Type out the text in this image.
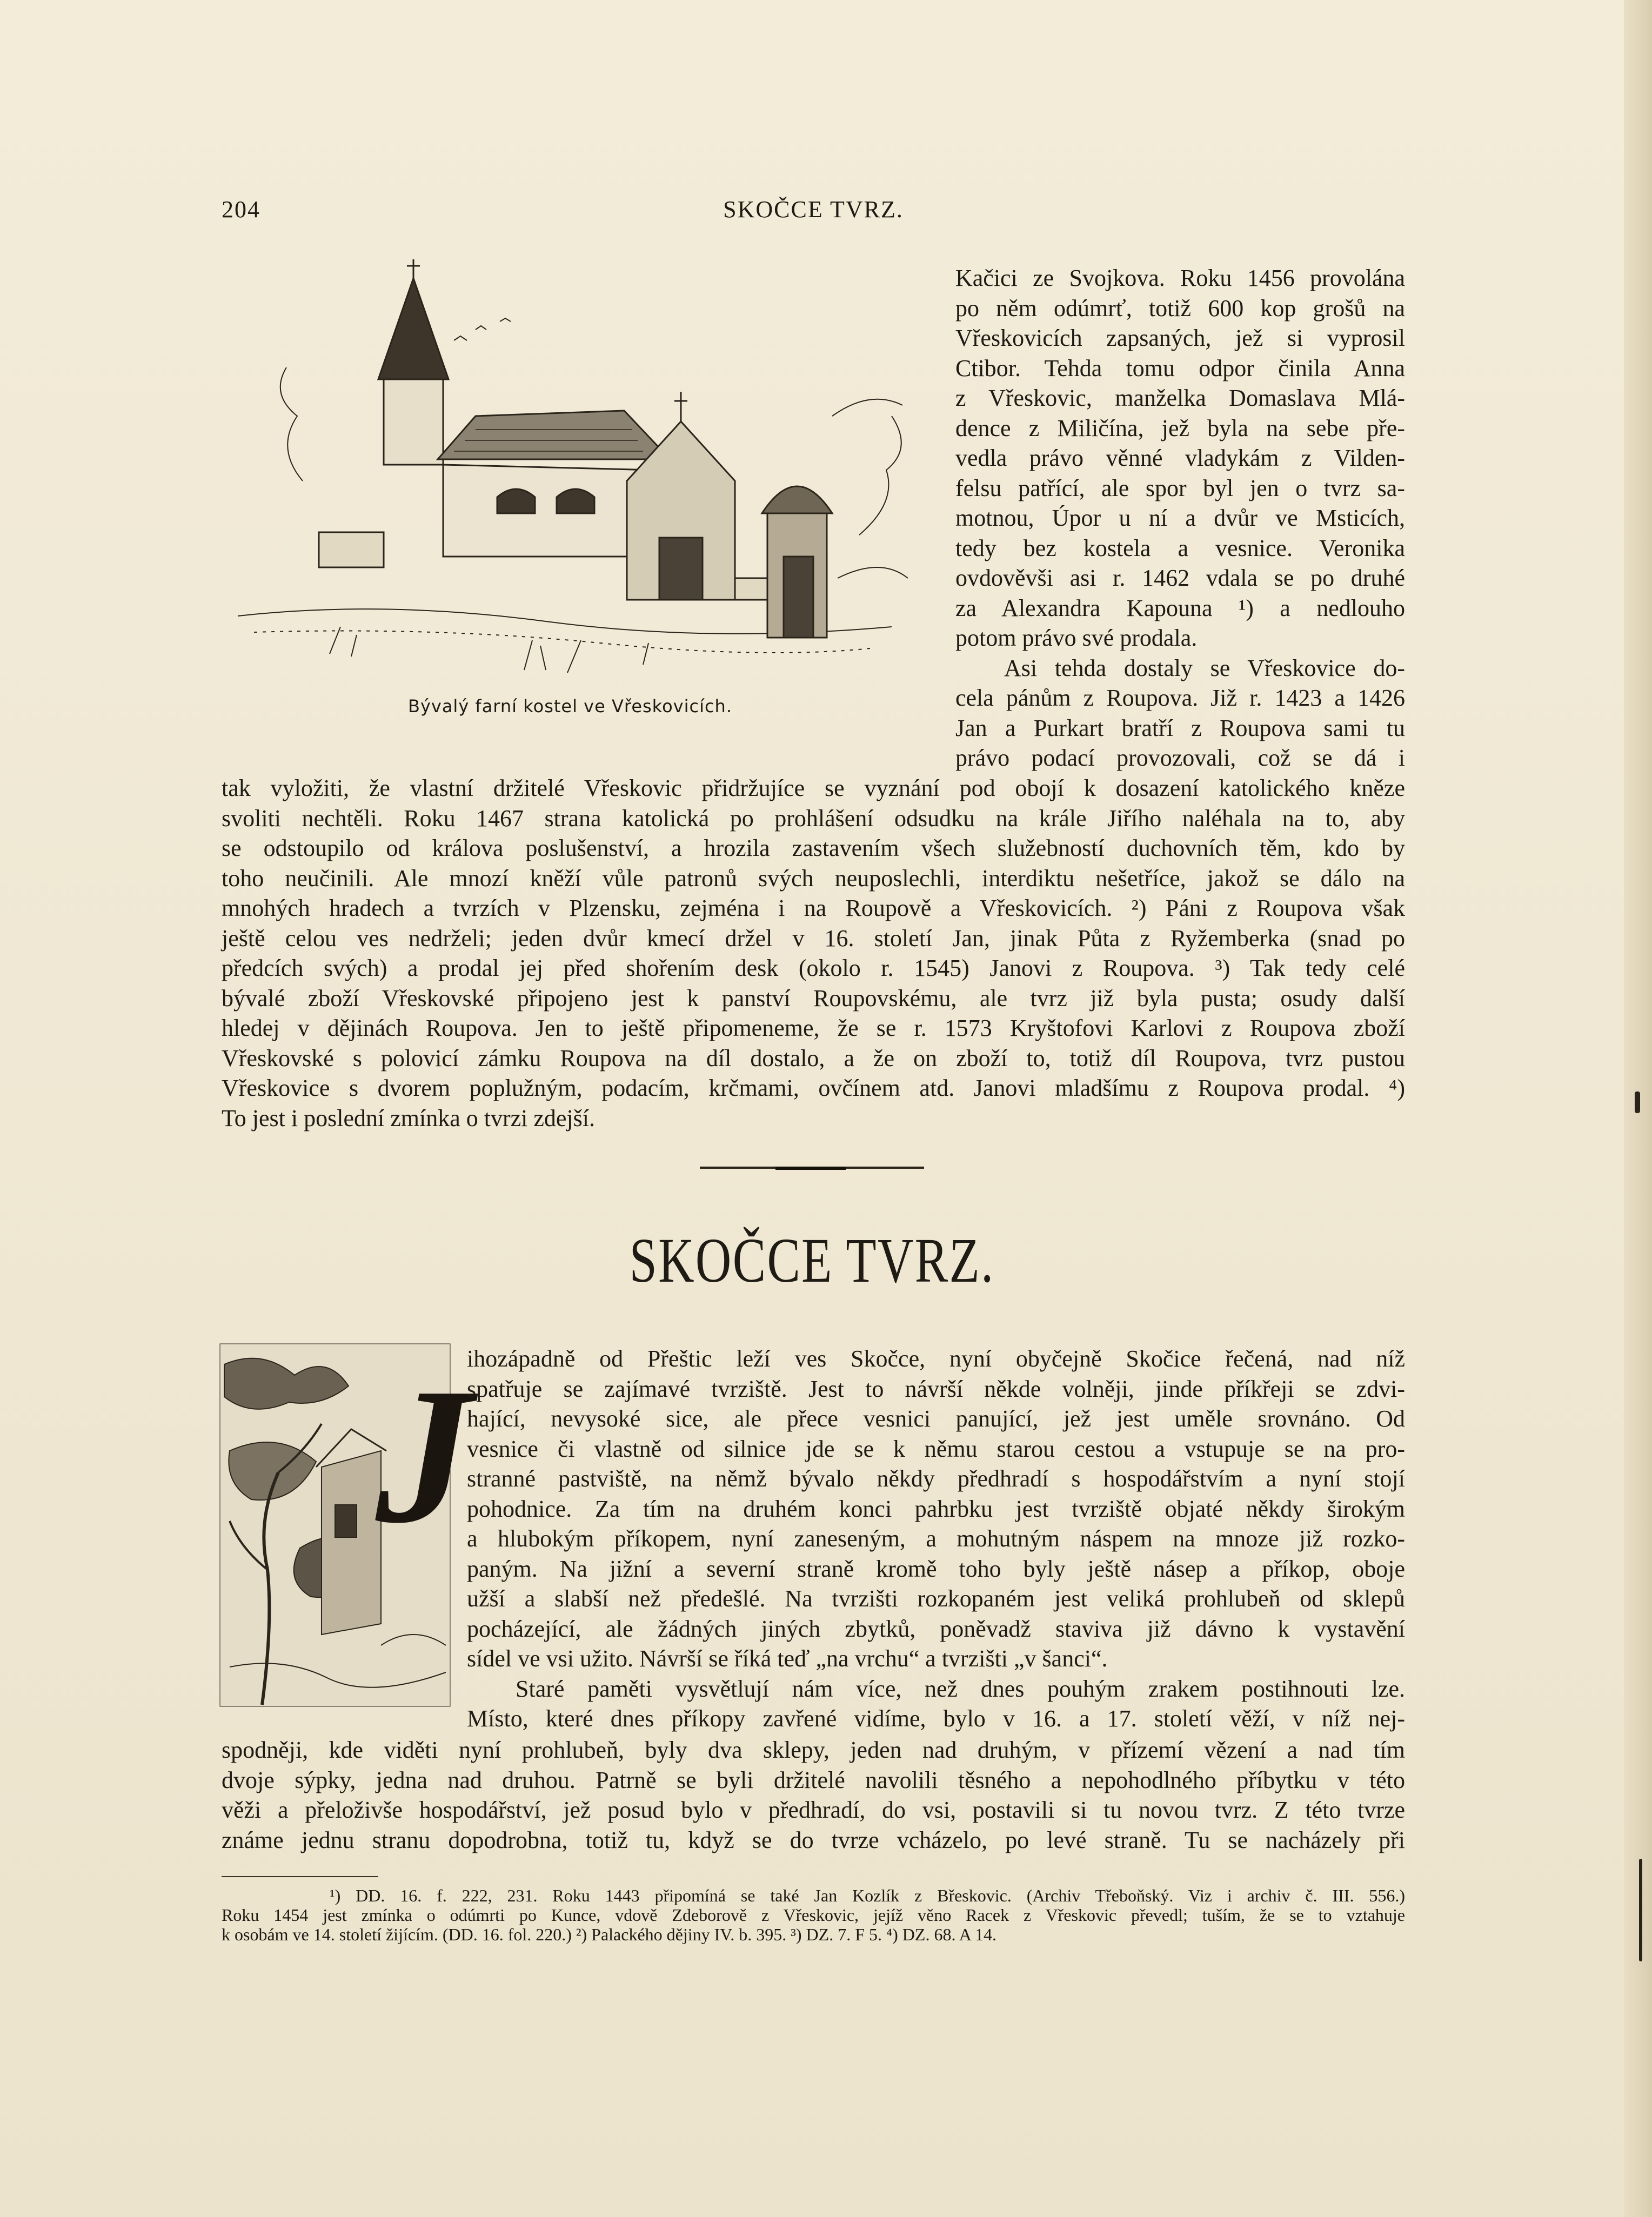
204	SKOČCE TVRZ.
Bývalý farní kostel ve Vřeskovicích.
Kačici ze Svojkova. Roku 1456 provolána
po něm odúmrť, totiž 600 kop grošů na
Vřeskovicích zapsaných, jež si vyprosil
Ctibor. Tehda tomu odpor činila Anna
z Vřeskovic, manželka Domaslava Mlá-
dence z Miličína, jež byla na sebe pře-
vedla právo věnné vladykám z Vilden-
felsu patřící, ale spor byl jen o tvrz sa-
motnou, Úpor u ní a dvůr ve Msticích,
tedy bez kostela a vesnice. Veronika
ovdověvši asi r. 1462 vdala se po druhé
za Alexandra Kapouna ¹) a nedlouho
potom právo své prodala.
Asi tehda dostaly se Vřeskovice do-
cela pánům z Roupova. Již r. 1423 a 1426
Jan a Purkart bratří z Roupova sami tu
právo podací provozovali, což se dá i
tak vyložiti, že vlastní držitelé Vřeskovic přidržujíce se vyznání pod obojí k dosazení katolického kněze
svoliti nechtěli. Roku 1467 strana katolická po prohlášení odsudku na krále Jiřího naléhala na to, aby
se odstoupilo od králova poslušenství, a hrozila zastavením všech služebností duchovních těm, kdo by
toho neučinili. Ale mnozí kněží vůle patronů svých neuposlechli, interdiktu nešetříce, jakož se dálo na
mnohých hradech a tvrzích v Plzensku, zejména i na Roupově a Vřeskovicích. ²) Páni z Roupova však
ještě celou ves nedrželi; jeden dvůr kmecí držel v 16. století Jan, jinak Půta z Ryžemberka (snad po
předcích svých) a prodal jej před shořením desk (okolo r. 1545) Janovi z Roupova. ³) Tak tedy celé
bývalé zboží Vřeskovské připojeno jest k panství Roupovskému, ale tvrz již byla pusta; osudy další
hledej v dějinách Roupova. Jen to ještě připomeneme, že se r. 1573 Kryštofovi Karlovi z Roupova zboží
Vřeskovské s polovicí zámku Roupova na díl dostalo, a že on zboží to, totiž díl Roupova, tvrz pustou
Vřeskovice s dvorem poplužným, podacím, krčmami, ovčínem atd. Janovi mladšímu z Roupova prodal. ⁴)
To jest i poslední zmínka o tvrzi zdejší.
SKOČCE TVRZ.
J
ihozápadně od Přeštic leží ves Skočce, nyní obyčejně Skočice řečená, nad níž
spatřuje se zajímavé tvrziště. Jest to návrší někde volněji, jinde příkřeji se zdvi-
hající, nevysoké sice, ale přece vesnici panující, jež jest uměle srovnáno. Od
vesnice či vlastně od silnice jde se k němu starou cestou a vstupuje se na pro-
stranné pastviště, na němž bývalo někdy předhradí s hospodářstvím a nyní stojí
pohodnice. Za tím na druhém konci pahrbku jest tvrziště objaté někdy širokým
a hlubokým příkopem, nyní zaneseným, a mohutným náspem na mnoze již rozko-
paným. Na jižní a severní straně kromě toho byly ještě násep a příkop, oboje
užší a slabší než předešlé. Na tvrzišti rozkopaném jest veliká prohlubeň od sklepů
pocházející, ale žádných jiných zbytků, poněvadž staviva již dávno k vystavění
sídel ve vsi užito. Návrší se říká teď „na vrchu“ a tvrzišti „v šanci“.
Staré paměti vysvětlují nám více, než dnes pouhým zrakem postihnouti lze.
Místo, které dnes příkopy zavřené vidíme, bylo v 16. a 17. století věží, v níž nej-
spodněji, kde viděti nyní prohlubeň, byly dva sklepy, jeden nad druhým, v přízemí vězení a nad tím
dvoje sýpky, jedna nad druhou. Patrně se byli držitelé navolili těsného a nepohodlného příbytku v této
věži a přeloživše hospodářství, jež posud bylo v předhradí, do vsi, postavili si tu novou tvrz. Z této tvrze
známe jednu stranu dopodrobna, totiž tu, když se do tvrze vcházelo, po levé straně. Tu se nacházely při
¹) DD. 16. f. 222, 231. Roku 1443 připomíná se také Jan Kozlík z Břeskovic. (Archiv Třeboňský. Viz i archiv č. III. 556.)
Roku 1454 jest zmínka o odúmrti po Kunce, vdově Zdeborově z Vřeskovic, jejíž věno Racek z Vřeskovic převedl; tuším, že se to vztahuje
k osobám ve 14. století žijícím. (DD. 16. fol. 220.) ²) Palackého dějiny IV. b. 395. ³) DZ. 7. F 5. ⁴) DZ. 68. A 14.
